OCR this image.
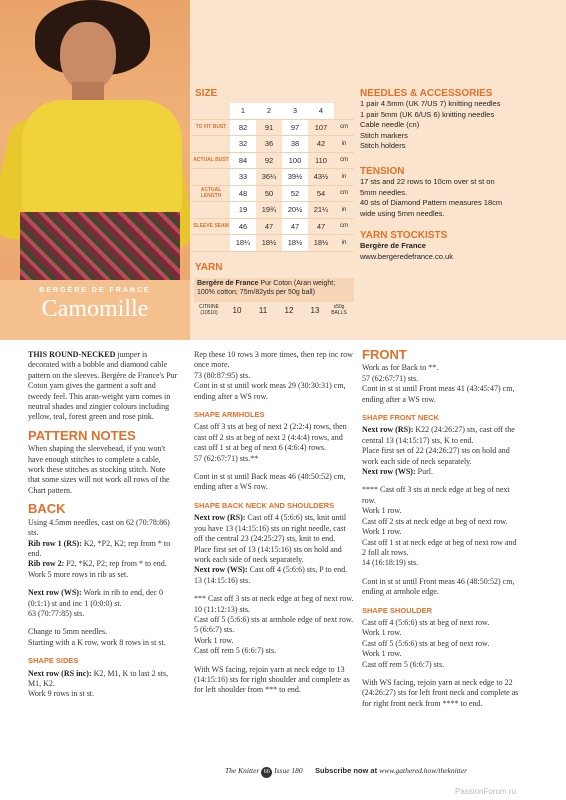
BERGÈRE DE FRANCE
Camomille
SIZE
	1	2	3	4	
TO FIT BUST	82	91	97	107	cm
	32	36	38	42	in
ACTUAL BUST	84	92	100	110	cm
	33	36¼	39½	43½	in
ACTUAL LENGTH	48	50	52	54	cm
	19	19¾	20½	21¼	in
SLEEVE SEAM	46	47	47	47	cm
	18¼	18½	18½	18½	in
YARN
Bergère de France Pur Coton (Aran weight; 100% cotton; 75m/82yds per 50g ball)
CITRINE (10510)	10	11	12	13	x50g BALLS
NEEDLES & ACCESSORIES
1 pair 4.5mm (UK 7/US 7) knitting needles
1 pair 5mm (UK 6/US 6) knitting needles
Cable needle (cn)
Stitch markers
Stitch holders
TENSION
17 sts and 22 rows to 10cm over st st on 5mm needles.
40 sts of Diamond Pattern measures 18cm wide using 5mm needles.
YARN STOCKISTS
Bergère de France
www.bergeredefrance.co.uk

THIS ROUND-NECKED jumper is decorated with a bobble and diamond cable pattern on the sleeves. Bergère de France's Pur Coton yarn gives the garment a soft and tweedy feel. This aran-weight yarn comes in neutral shades and zingier colours including yellow, teal, forest green and rose pink.

PATTERN NOTES

When shaping the sleevehead, if you won't have enough stitches to complete a cable, work these stitches as stocking stitch. Note that some sizes will not work all rows of the Chart pattern.

BACK

Using 4.5mm needles, cast on 62 (70:78:86) sts.

Rib row 1 (RS): K2, *P2, K2; rep from * to end.

Rib row 2: P2, *K2, P2; rep from * to end.

Work 5 more rows in rib as set.

Next row (WS): Work in rib to end, dec 0 (0:1:1) st and inc 1 (0:0:0) st.

63 (70:77:85) sts.

Change to 5mm needles.

Starting with a K row, work 8 rows in st st.

SHAPE SIDES

Next row (RS inc): K2, M1, K to last 2 sts, M1, K2.

Work 9 rows in st st.

Rep these 10 rows 3 more times, then rep inc row once more.

73 (80:87:95) sts.

Cont in st st until work meas 29 (30:30:31) cm, ending after a WS row.

SHAPE ARMHOLES

Cast off 3 sts at beg of next 2 (2:2:4) rows, then cast off 2 sts at beg of next 2 (4:4:4) rows, and cast off 1 st at beg of next 6 (4:6:4) rows.

57 (62:67:71) sts.**

Cont in st st until Back meas 46 (48:50:52) cm, ending after a WS row.

SHAPE BACK NECK AND SHOULDERS

Next row (RS): Cast off 4 (5:6:6) sts, knit until you have 13 (14:15:16) sts on right needle, cast off the central 23 (24:25:27) sts, knit to end.

Place first set of 13 (14:15:16) sts on hold and work each side of neck separately.

Next row (WS): Cast off 4 (5:6:6) sts, P to end.

13 (14:15:16) sts.

*** Cast off 3 sts at neck edge at beg of next row. 10 (11:12:13) sts.

Cast off 5 (5:6:6) sts at armhole edge of next row. 5 (6:6:7) sts.

Work 1 row.

Cast off rem 5 (6:6:7) sts.

With WS facing, rejoin yarn at neck edge to 13 (14:15:16) sts for right shoulder and complete as for left shoulder from *** to end.

FRONT

Work as for Back to **.

57 (62:67:71) sts.

Cont in st st until Front meas 41 (43:45:47) cm, ending after a WS row.

SHAPE FRONT NECK

Next row (RS): K22 (24:26:27) sts, cast off the central 13 (14:15:17) sts, K to end.

Place first set of 22 (24:26:27) sts on hold and work each side of neck separately.

Next row (WS): Purl.

**** Cast off 3 sts at neck edge at beg of next row.

Work 1 row.

Cast off 2 sts at neck edge at beg of next row.

Work 1 row.

Cast off 1 st at neck edge at beg of next row and 2 foll alt rows.

14 (16:18:19) sts.

Cont in st st until Front meas 46 (48:50:52) cm, ending at armhole edge.

SHAPE SHOULDER

Cast off 4 (5:6:6) sts at beg of next row.

Work 1 row.

Cast off 5 (5:6:6) sts at beg of next row.

Work 1 row.

Cast off rem 5 (6:6:7) sts.

With WS facing, rejoin yarn at neck edge to 22 (24:26:27) sts for left front neck and complete as for right front neck from **** to end.

The Knitter 66 Issue 180 Subscribe now at www.gathered.how/theknitter
PassionForum.ru
